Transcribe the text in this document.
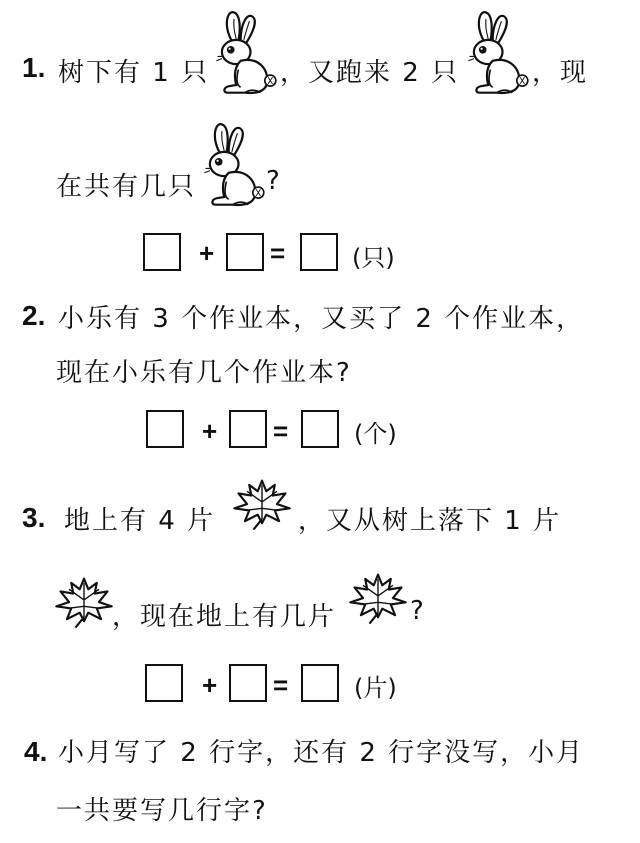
1. 树下有 1 只	，又跑来 2 只	，现
在共有几只	?
+ =	(只)
2. 小乐有 3 个作业本，又买了 2 个作业本，
现在小乐有几个作业本?
+ =	(个)
3. 地上有 4 片	，又从树上落下 1 片
，现在地上有几片	?
+ =	(片)
4. 小月写了 2 行字，还有 2 行字没写，小月
一共要写几行字?
